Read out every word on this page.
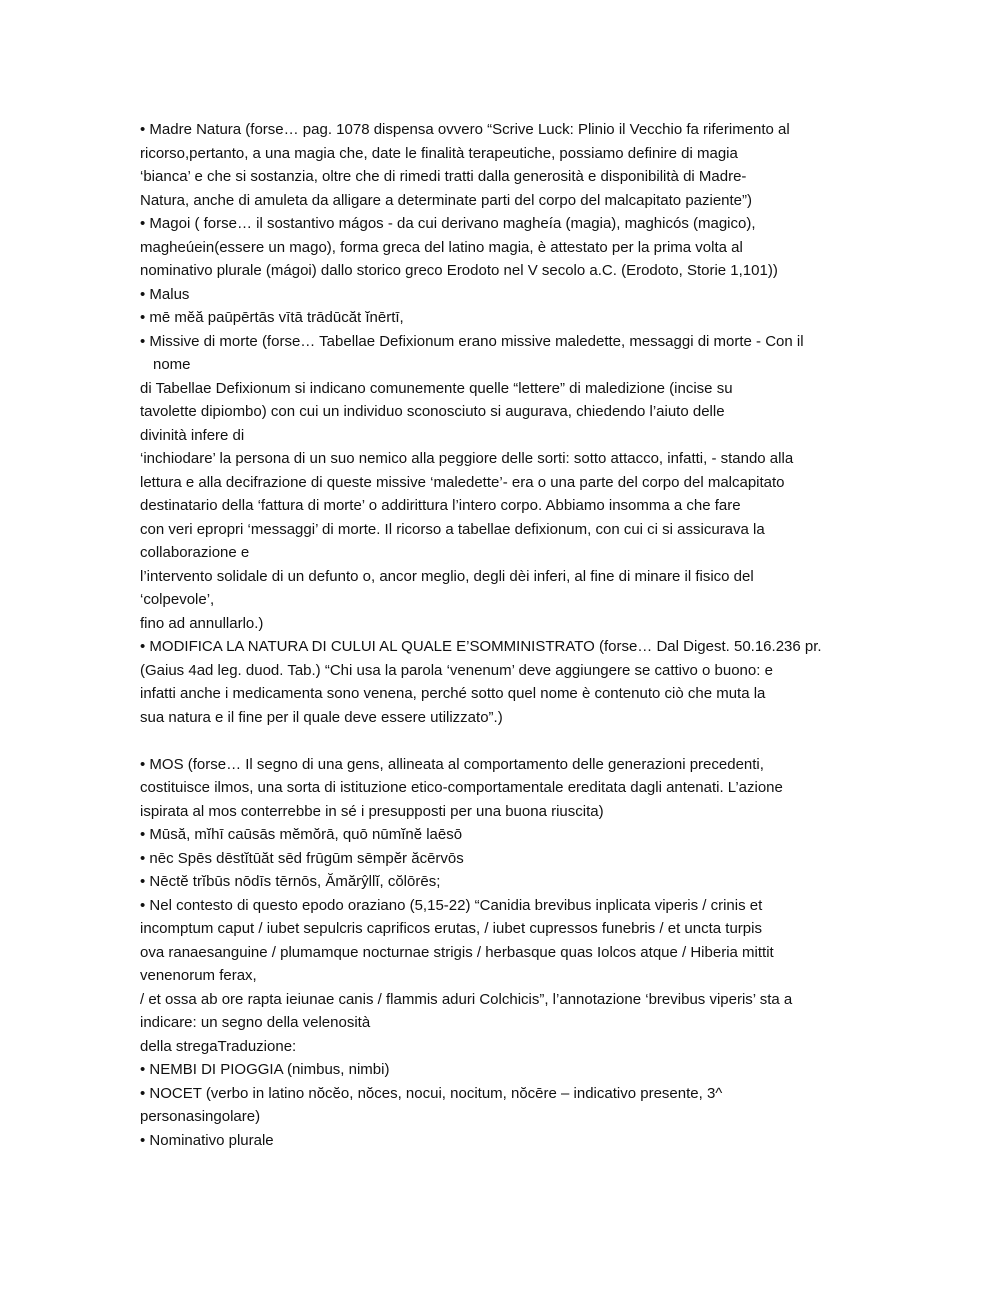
• Madre Natura (forse… pag. 1078 dispensa ovvero “Scrive Luck: Plinio il Vecchio fa riferimento al
ricorso,pertanto, a una magia che, date le finalità terapeutiche, possiamo definire di magia
‘bianca’ e che si sostanzia, oltre che di rimedi tratti dalla generosità e disponibilità di Madre-
Natura, anche di amuleta da alligare a determinate parti del corpo del malcapitato paziente”)
• Magoi ( forse… il sostantivo mágos - da cui derivano magheía (magia), maghicós (magico),
magheúein(essere un mago), forma greca del latino magia, è attestato per la prima volta al
nominativo plurale (mágoi) dallo storico greco Erodoto nel V secolo a.C. (Erodoto, Storie 1,101))
• Malus
• mē mĕă paūpērtās vītā trādūcăt ĭnērtī,
• Missive di morte (forse… Tabellae Defixionum erano missive maledette, messaggi di morte - Con il
nome
di Tabellae Defixionum si indicano comunemente quelle “lettere” di maledizione (incise su
tavolette dipiombo) con cui un individuo sconosciuto si augurava, chiedendo l’aiuto delle
divinità infere di
‘inchiodare’ la persona di un suo nemico alla peggiore delle sorti: sotto attacco, infatti, - stando alla
lettura e alla decifrazione di queste missive ‘maledette’- era o una parte del corpo del malcapitato
destinatario della ‘fattura di morte’ o addirittura l’intero corpo. Abbiamo insomma a che fare
con veri epropri ‘messaggi’ di morte. Il ricorso a tabellae defixionum, con cui ci si assicurava la
collaborazione e
l’intervento solidale di un defunto o, ancor meglio, degli dèi inferi, al fine di minare il fisico del
‘colpevole’,
fino ad annullarlo.)
• MODIFICA LA NATURA DI CULUI AL QUALE E’SOMMINISTRATO (forse… Dal Digest. 50.16.236 pr.
(Gaius 4ad leg. duod. Tab.) “Chi usa la parola ‘venenum’ deve aggiungere se cattivo o buono: e
infatti anche i medicamenta sono venena, perché sotto quel nome è contenuto ciò che muta la
sua natura e il fine per il quale deve essere utilizzato”.)
• MOS (forse… Il segno di una gens, allineata al comportamento delle generazioni precedenti,
costituisce ilmos, una sorta di istituzione etico-comportamentale ereditata dagli antenati. L’azione
ispirata al mos conterrebbe in sé i presupposti per una buona riuscita)
• Mūsă, mĭhī caūsās mĕmŏrā, quō nūmĭnĕ laēsō
• nēc Spēs dēstĭtūăt sēd frūgūm sēmpĕr ăcērvōs
• Nēctĕ trĭbūs nōdīs tērnōs, Ămărŷllĭ, cŏlōrēs;
• Nel contesto di questo epodo oraziano (5,15-22) “Canidia brevibus inplicata viperis / crinis et
incomptum caput / iubet sepulcris caprificos erutas, / iubet cupressos funebris / et uncta turpis
ova ranaesanguine / plumamque nocturnae strigis / herbasque quas Iolcos atque / Hiberia mittit
venenorum ferax,
/ et ossa ab ore rapta ieiunae canis / flammis aduri Colchicis”, l’annotazione ‘brevibus viperis’ sta a
indicare: un segno della velenosità
della stregaTraduzione:
• NEMBI DI PIOGGIA (nimbus, nimbi)
• NOCET (verbo in latino nŏcĕo, nŏces, nocui, nocitum, nŏcēre – indicativo presente, 3^
personasingolare)
• Nominativo plurale
